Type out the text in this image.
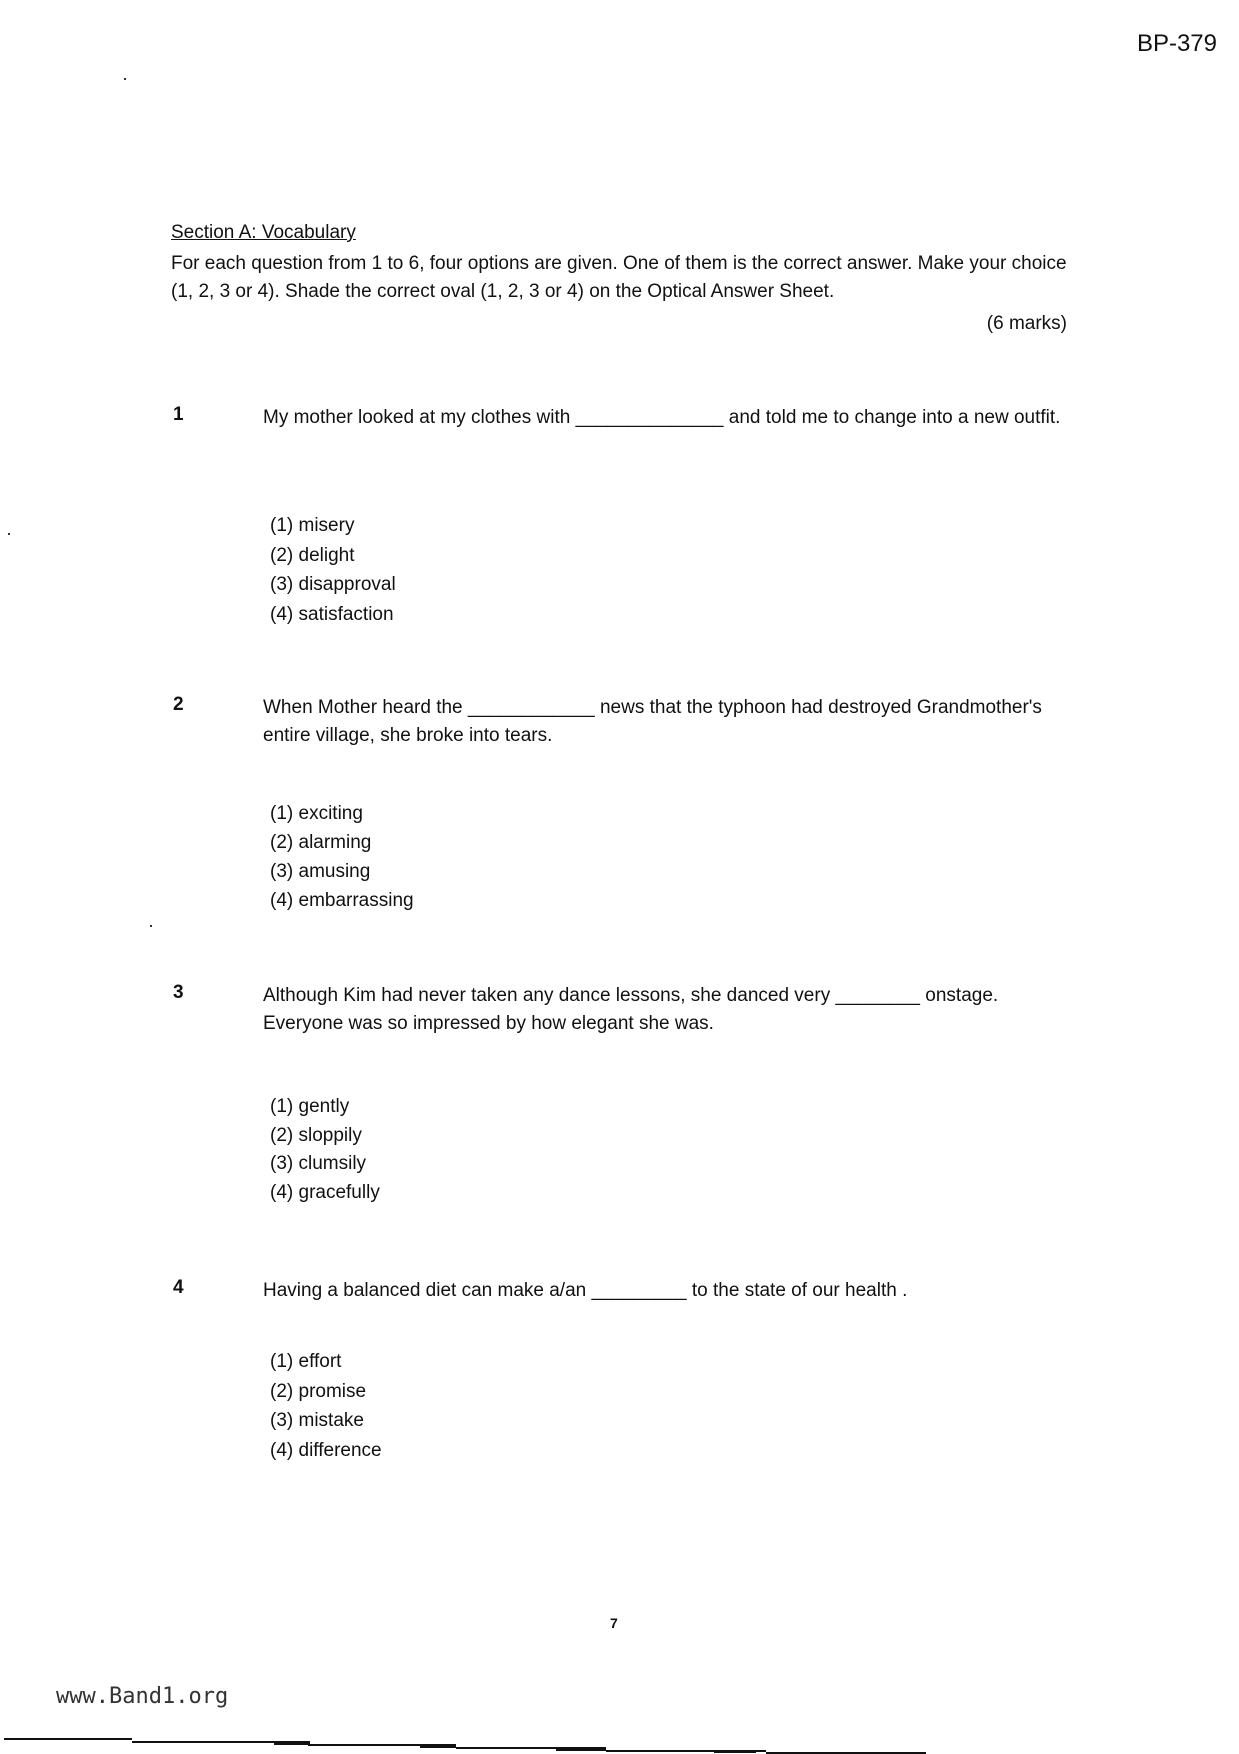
BP-379
Section A: Vocabulary
For each question from 1 to 6, four options are given. One of them is the correct answer. Make your choice (1, 2, 3 or 4). Shade the correct oval (1, 2, 3 or 4) on the Optical Answer Sheet.
(6 marks)
1	My mother looked at my clothes with ______________ and told me to change into a new outfit.
(1) misery
(2) delight
(3) disapproval
(4) satisfaction
2	When Mother heard the ____________ news that the typhoon had destroyed Grandmother's entire village, she broke into tears.
(1) exciting
(2) alarming
(3) amusing
(4) embarrassing
3	Although Kim had never taken any dance lessons, she danced very ________ onstage. Everyone was so impressed by how elegant she was.
(1) gently
(2) sloppily
(3) clumsily
(4) gracefully
4	Having a balanced diet can make a/an _________ to the state of our health .
(1) effort
(2) promise
(3) mistake
(4) difference
7
www.Band1.org
